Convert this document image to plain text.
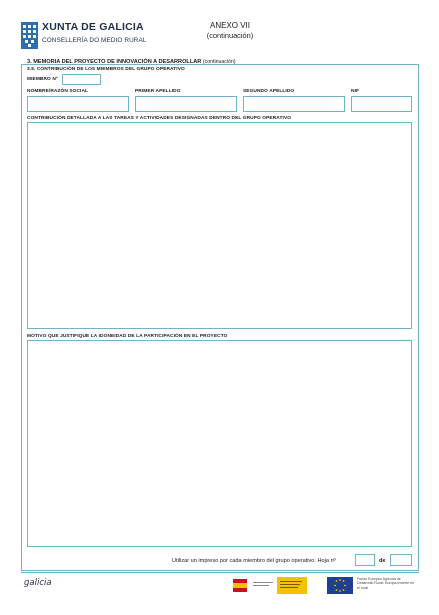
XUNTA DE GALICIA
CONSELLERÍA DO MEDIO RURAL
ANEXO VII
(continuación)
3. MEMORIA DEL PROYECTO DE INNOVACIÓN A DESARROLLAR (continuación)
3.5. CONTRIBUCIÓN DE LOS MIEMBROS DEL GRUPO OPERATIVO
MIEMBRO Nº
NOMBRE/RAZÓN SOCIAL	PRIMER APELLIDO	SEGUNDO APELLIDO	NIF
CONTRIBUCIÓN DETALLADA A LAS TAREAS Y ACTIVIDADES DESIGNADAS DENTRO DEL GRUPO OPERATIVO
MOTIVO QUE JUSTIFIQUE LA IDONEIDAD DE LA PARTICIPACIÓN EN EL PROYECTO
Utilizar un impreso por cada miembro del grupo operativo. Hoja nº	de
galicia	Fondo Europeo Agrícola de Desarrollo Rural: Europa invierte en el rural
